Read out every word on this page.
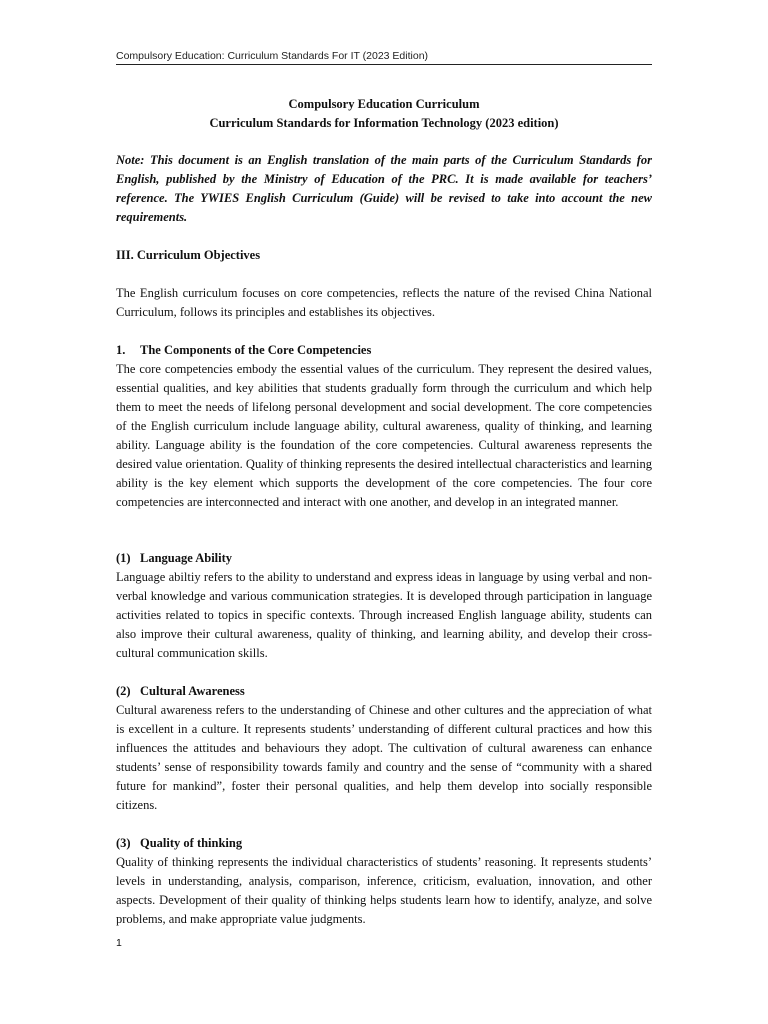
Compulsory Education: Curriculum Standards For IT (2023 Edition)
Compulsory Education Curriculum
Curriculum Standards for Information Technology (2023 edition)

Note: This document is an English translation of the main parts of the Curriculum Standards for English, published by the Ministry of Education of the PRC. It is made available for teachers’ reference. The YWIES English Curriculum (Guide) will be revised to take into account the new requirements.

III. Curriculum Objectives

The English curriculum focuses on core competencies, reflects the nature of the revised China National Curriculum, follows its principles and establishes its objectives.

1. The Components of the Core Competencies
The core competencies embody the essential values of the curriculum. They represent the desired values, essential qualities, and key abilities that students gradually form through the curriculum and which help them to meet the needs of lifelong personal development and social development. The core competencies of the English curriculum include language ability, cultural awareness, quality of thinking, and learning ability. Language ability is the foundation of the core competencies. Cultural awareness represents the desired value orientation. Quality of thinking represents the desired intellectual characteristics and learning ability is the key element which supports the development of the core competencies. The four core competencies are interconnected and interact with one another, and develop in an integrated manner.
(1) Language Ability
Language abiltiy refers to the ability to understand and express ideas in language by using verbal and non-verbal knowledge and various communication strategies. It is developed through participation in language activities related to topics in specific contexts. Through increased English language ability, students can also improve their cultural awareness, quality of thinking, and learning ability, and develop their cross-cultural communication skills.
(2) Cultural Awareness
Cultural awareness refers to the understanding of Chinese and other cultures and the appreciation of what is excellent in a culture. It represents students’ understanding of different cultural practices and how this influences the attitudes and behaviours they adopt. The cultivation of cultural awareness can enhance students’ sense of responsibility towards family and country and the sense of “community with a shared future for mankind”, foster their personal qualities, and help them develop into socially responsible citizens.
(3) Quality of thinking
Quality of thinking represents the individual characteristics of students’ reasoning. It represents students’ levels in understanding, analysis, comparison, inference, criticism, evaluation, innovation, and other aspects. Development of their quality of thinking helps students learn how to identify, analyze, and solve problems, and make appropriate value judgments.
1
